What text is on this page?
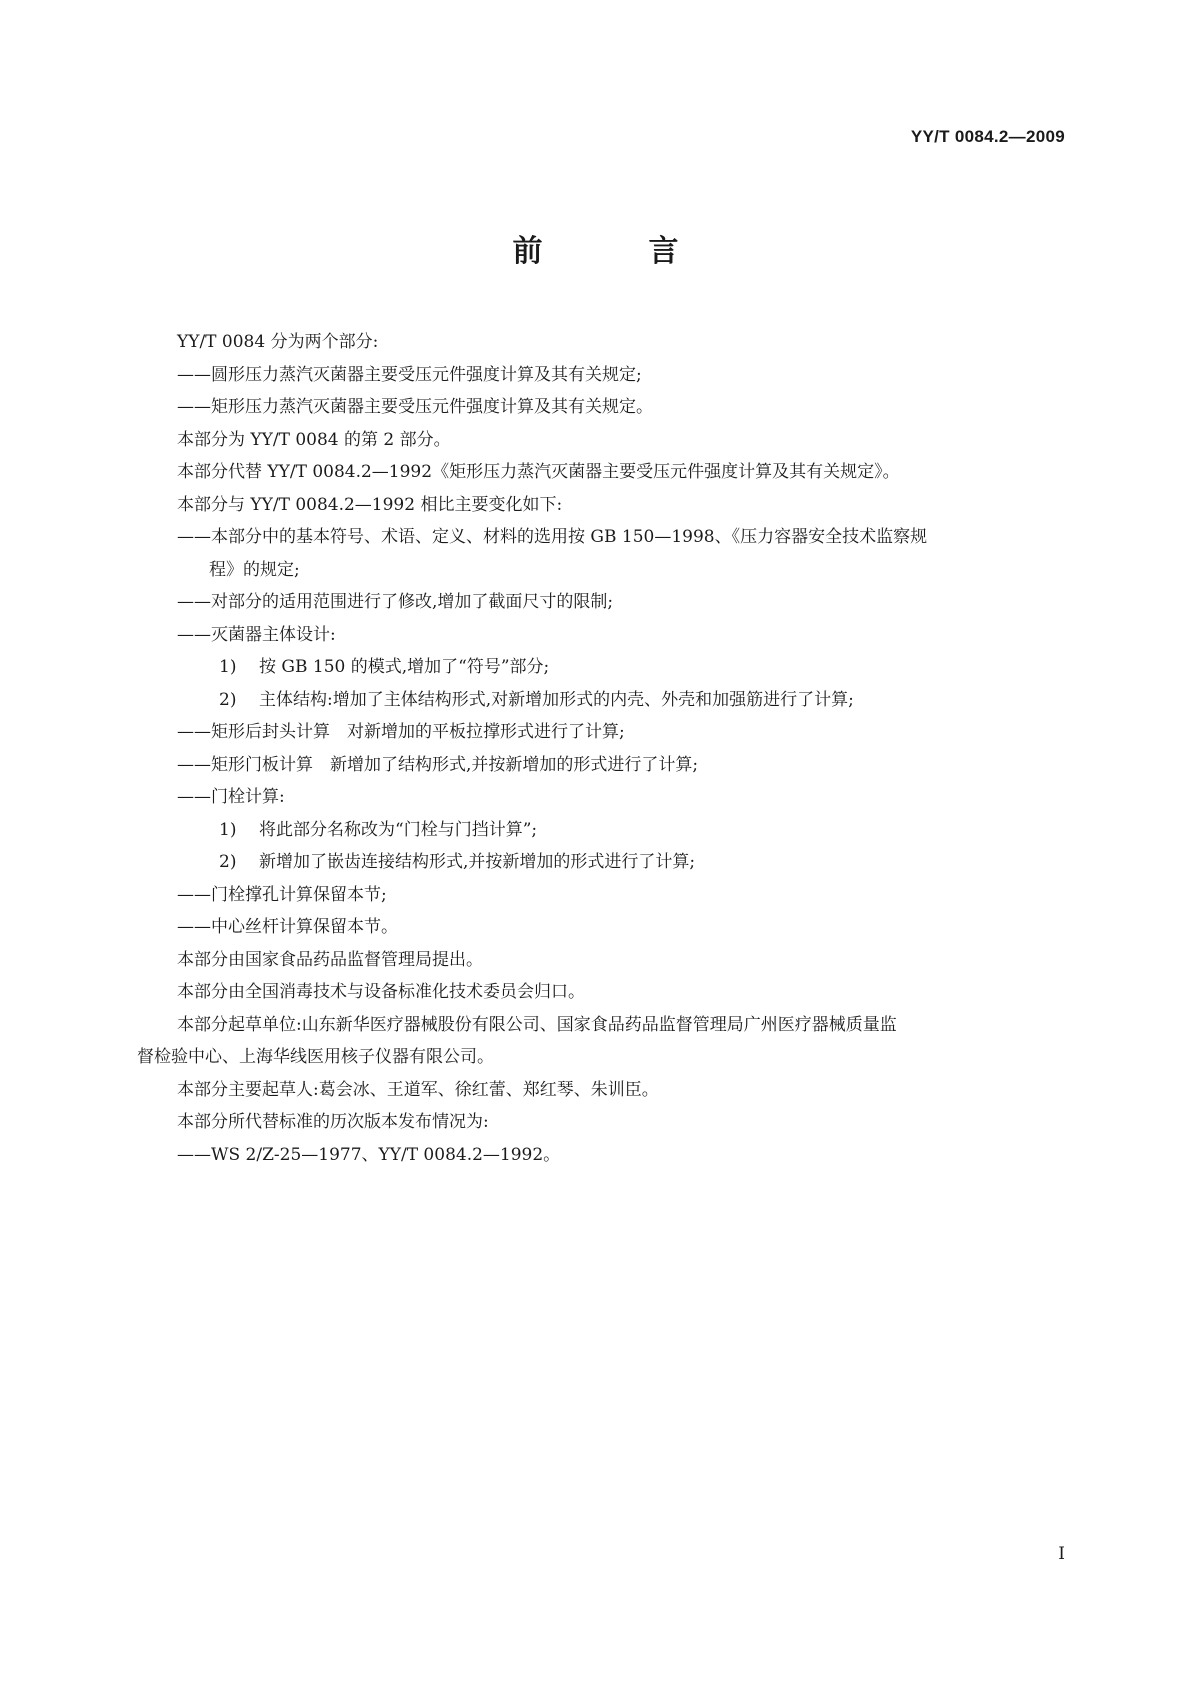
YY/T 0084.2—2009
前　言
YY/T 0084 分为两个部分:
——圆形压力蒸汽灭菌器主要受压元件强度计算及其有关规定;
——矩形压力蒸汽灭菌器主要受压元件强度计算及其有关规定。
本部分为 YY/T 0084 的第 2 部分。
本部分代替 YY/T 0084.2—1992《矩形压力蒸汽灭菌器主要受压元件强度计算及其有关规定》。
本部分与 YY/T 0084.2—1992 相比主要变化如下:
——本部分中的基本符号、术语、定义、材料的选用按 GB 150—1998、《压力容器安全技术监察规
程》的规定;
——对部分的适用范围进行了修改,增加了截面尺寸的限制;
——灭菌器主体设计:
1) 按 GB 150 的模式,增加了“符号”部分;
2) 主体结构:增加了主体结构形式,对新增加形式的内壳、外壳和加强筋进行了计算;
——矩形后封头计算　对新增加的平板拉撑形式进行了计算;
——矩形门板计算　新增加了结构形式,并按新增加的形式进行了计算;
——门栓计算:
1) 将此部分名称改为“门栓与门挡计算”;
2) 新增加了嵌齿连接结构形式,并按新增加的形式进行了计算;
——门栓撑孔计算保留本节;
——中心丝杆计算保留本节。
本部分由国家食品药品监督管理局提出。
本部分由全国消毒技术与设备标准化技术委员会归口。
本部分起草单位:山东新华医疗器械股份有限公司、国家食品药品监督管理局广州医疗器械质量监
督检验中心、上海华线医用核子仪器有限公司。
本部分主要起草人:葛会冰、王道军、徐红蕾、郑红琴、朱训臣。
本部分所代替标准的历次版本发布情况为:
——WS 2/Z-25—1977、YY/T 0084.2—1992。
I
